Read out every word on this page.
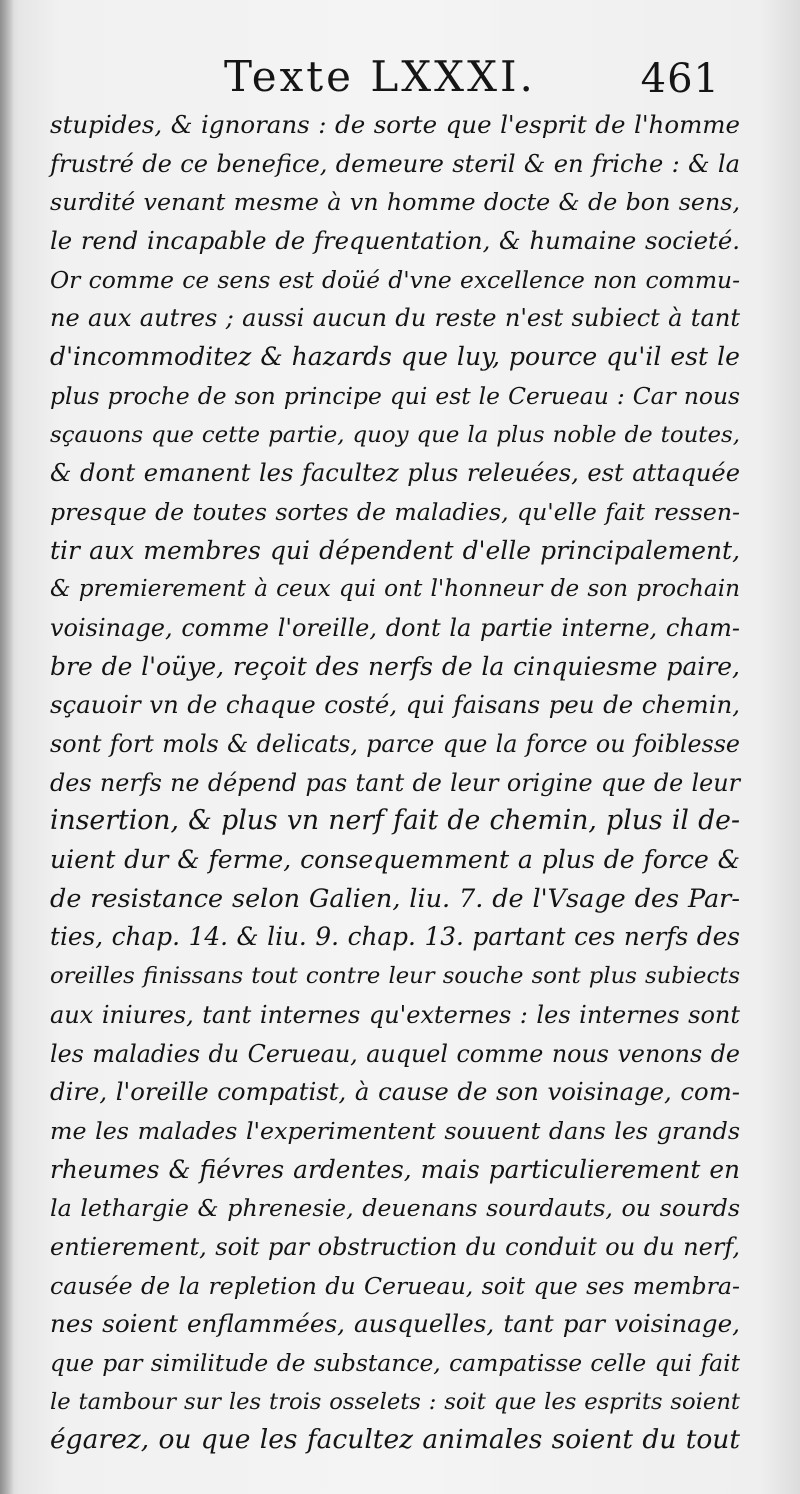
Texte LXXXI.	461
stupides, & ignorans : de sorte que l'esprit de l'homme
frustré de ce benefice, demeure steril & en friche : & la
surdité venant mesme à vn homme docte & de bon sens,
le rend incapable de frequentation, & humaine societé.
Or comme ce sens est doüé d'vne excellence non commu-
ne aux autres ; aussi aucun du reste n'est subiect à tant
d'incommoditez & hazards que luy, pource qu'il est le
plus proche de son principe qui est le Cerueau : Car nous
sçauons que cette partie, quoy que la plus noble de toutes,
& dont emanent les facultez plus releuées, est attaquée
presque de toutes sortes de maladies, qu'elle fait ressen-
tir aux membres qui dépendent d'elle principalement,
& premierement à ceux qui ont l'honneur de son prochain
voisinage, comme l'oreille, dont la partie interne, cham-
bre de l'oüye, reçoit des nerfs de la cinquiesme paire,
sçauoir vn de chaque costé, qui faisans peu de chemin,
sont fort mols & delicats, parce que la force ou foiblesse
des nerfs ne dépend pas tant de leur origine que de leur
insertion, & plus vn nerf fait de chemin, plus il de-
uient dur & ferme, consequemment a plus de force &
de resistance selon Galien, liu. 7. de l'Vsage des Par-
ties, chap. 14. & liu. 9. chap. 13. partant ces nerfs des
oreilles finissans tout contre leur souche sont plus subiects
aux iniures, tant internes qu'externes : les internes sont
les maladies du Cerueau, auquel comme nous venons de
dire, l'oreille compatist, à cause de son voisinage, com-
me les malades l'experimentent souuent dans les grands
rheumes & fiévres ardentes, mais particulierement en
la lethargie & phrenesie, deuenans sourdauts, ou sourds
entierement, soit par obstruction du conduit ou du nerf,
causée de la repletion du Cerueau, soit que ses membra-
nes soient enflammées, ausquelles, tant par voisinage,
que par similitude de substance, campatisse celle qui fait
le tambour sur les trois osselets : soit que les esprits soient
égarez, ou que les facultez animales soient du tout
